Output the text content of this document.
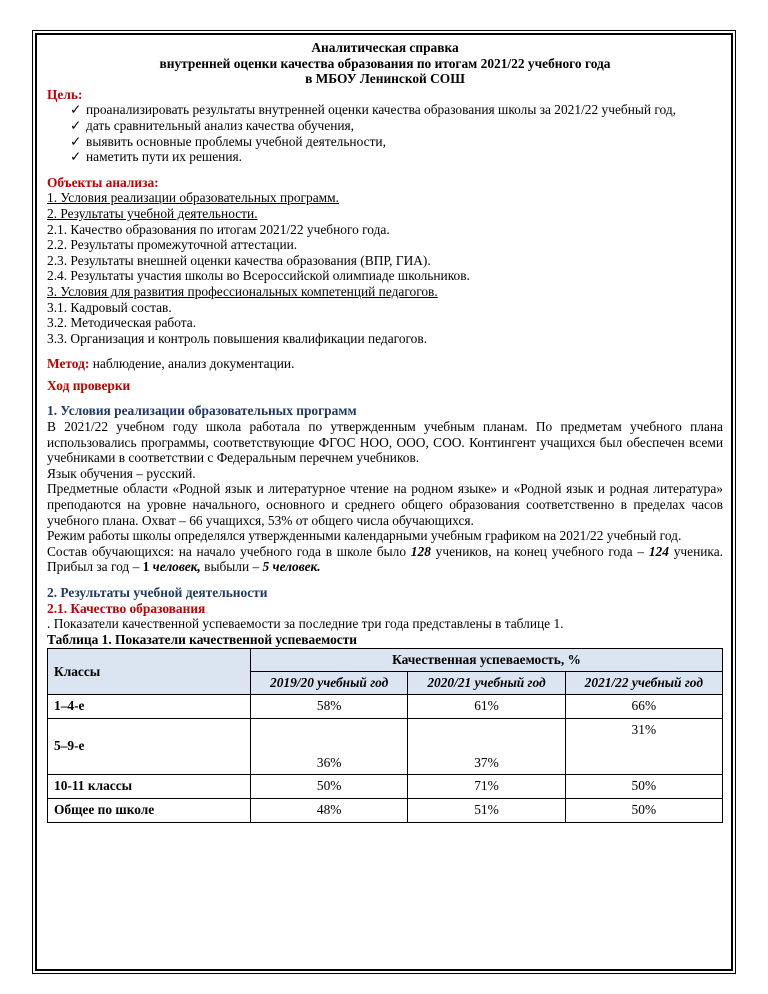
Аналитическая справка
внутренней оценки качества образования по итогам 2021/22 учебного года
в МБОУ Ленинской СОШ
Цель:
✓ проанализировать результаты внутренней оценки качества образования школы за 2021/22 учебный год,
✓ дать сравнительный анализ качества обучения,
✓ выявить основные проблемы учебной деятельности,
✓ наметить пути их решения.
Объекты анализа:
1. Условия реализации образовательных программ.
2. Результаты учебной деятельности.
2.1. Качество образования по итогам 2021/22 учебного года.
2.2. Результаты промежуточной аттестации.
2.3. Результаты внешней оценки качества образования (ВПР, ГИА).
2.4. Результаты участия школы во Всероссийской олимпиаде школьников.
3. Условия для развития профессиональных компетенций педагогов.
3.1. Кадровый состав.
3.2. Методическая работа.
3.3. Организация и контроль повышения квалификации педагогов.
Метод: наблюдение, анализ документации.
Ход проверки
1. Условия реализации образовательных программ
В 2021/22 учебном году школа работала по утвержденным учебным планам. По предметам учебного плана использовались программы, соответствующие ФГОС НОО, ООО, СОО. Контингент учащихся был обеспечен всеми учебниками в соответствии с Федеральным перечнем учебников.
Язык обучения – русский.
Предметные области «Родной язык и литературное чтение на родном языке» и «Родной язык и родная литература» преподаются на уровне начального, основного и среднего общего образования соответственно в пределах часов учебного плана. Охват – 66 учащихся, 53% от общего числа обучающихся.
Режим работы школы определялся утвержденными календарными учебным графиком на 2021/22 учебный год.
Состав обучающихся: на начало учебного года в школе было 128 учеников, на конец учебного года – 124 ученика. Прибыл за год – 1 человек, выбыли – 5 человек.
2. Результаты учебной деятельности
2.1. Качество образования
. Показатели качественной успеваемости за последние три года представлены в таблице 1.
Таблица 1. Показатели качественной успеваемости
Классы	Качественная успеваемость, %		
	2019/20 учебный год	2020/21 учебный год	2021/22 учебный год
1–4-е	58%	61%	66%
5–9-е	36%	37%	31%
10-11 классы	50%	71%	50%
Общее по школе	48%	51%	50%
